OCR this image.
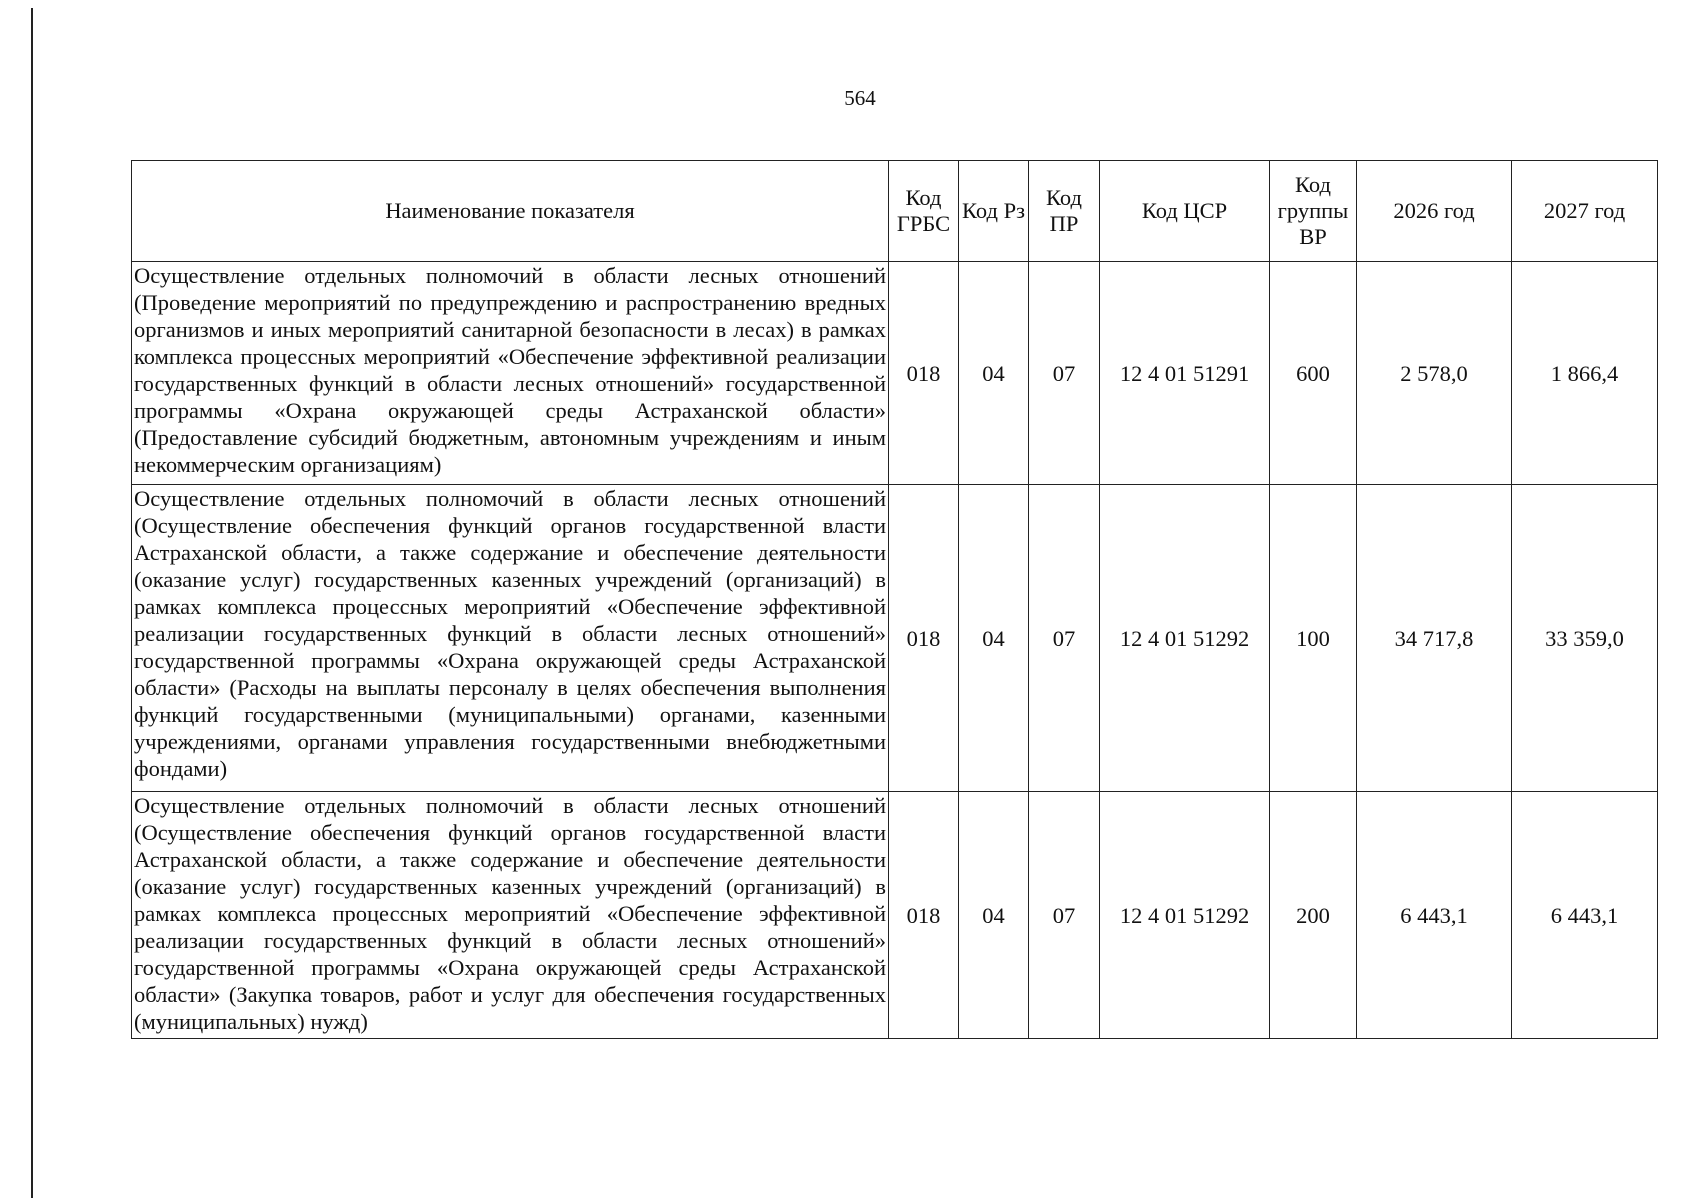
564
Наименование показателя	Код ГРБС	Код Рз	Код ПР	Код ЦСР	Код группы ВР	2026 год	2027 год
Осуществление отдельных полномочий в области лесных отношений (Проведение мероприятий по предупреждению и распространению вредных организмов и иных мероприятий санитарной безопасности в лесах) в рамках комплекса процессных мероприятий «Обеспечение эффективной реализации государственных функций в области лесных отношений» государственной программы «Охрана окружающей среды Астраханской области» (Предоставление субсидий бюджетным, автономным учреждениям и иным некоммерческим организациям)	018	04	07	12 4 01 51291	600	2 578,0	1 866,4
Осуществление отдельных полномочий в области лесных отношений (Осуществление обеспечения функций органов государственной власти Астраханской области, а также содержание и обеспечение деятельности (оказание услуг) государственных казенных учреждений (организаций) в рамках комплекса процессных мероприятий «Обеспечение эффективной реализации государственных функций в области лесных отношений» государственной программы «Охрана окружающей среды Астраханской области» (Расходы на выплаты персоналу в целях обеспечения выполнения функций государственными (муниципальными) органами, казенными учреждениями, органами управления государственными внебюджетными фондами)	018	04	07	12 4 01 51292	100	34 717,8	33 359,0
Осуществление отдельных полномочий в области лесных отношений (Осуществление обеспечения функций органов государственной власти Астраханской области, а также содержание и обеспечение деятельности (оказание услуг) государственных казенных учреждений (организаций) в рамках комплекса процессных мероприятий «Обеспечение эффективной реализации государственных функций в области лесных отношений» государственной программы «Охрана окружающей среды Астраханской области» (Закупка товаров, работ и услуг для обеспечения государственных (муниципальных) нужд)	018	04	07	12 4 01 51292	200	6 443,1	6 443,1
